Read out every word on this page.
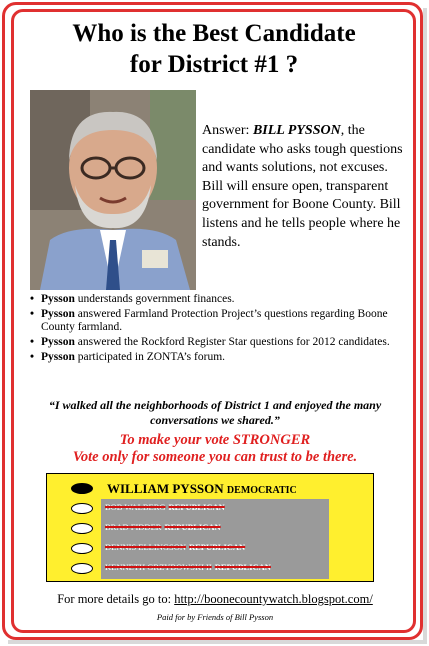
Who is the Best Candidate
for District #1 ?
Answer: BILL PYSSON, the candidate who asks tough questions and wants solutions, not excuses. Bill will ensure open, transparent government for Boone County. Bill listens and he tells people where he stands.
• Pysson understands government finances.
• Pysson answered Farmland Protection Project’s questions regarding Boone County farmland.
• Pysson answered the Rockford Register Star questions for 2012 candidates.
• Pysson participated in ZONTA’s forum.
“I walked all the neighborhoods of District 1 and enjoyed the many conversations we shared.”
To make your vote STRONGER
Vote only for someone you can trust to be there.
WILLIAM PYSSON DEMOCRATIC
BOB WALBERG REPUBLICAN
BRAD FIDDER REPUBLICAN
DENNIS ELLINGSON REPUBLICAN
KENNETH GRZYBOWSKI II REPUBLICAN
For more details go to: http://boonecountywatch.blogspot.com/
Paid for by Friends of Bill Pysson
